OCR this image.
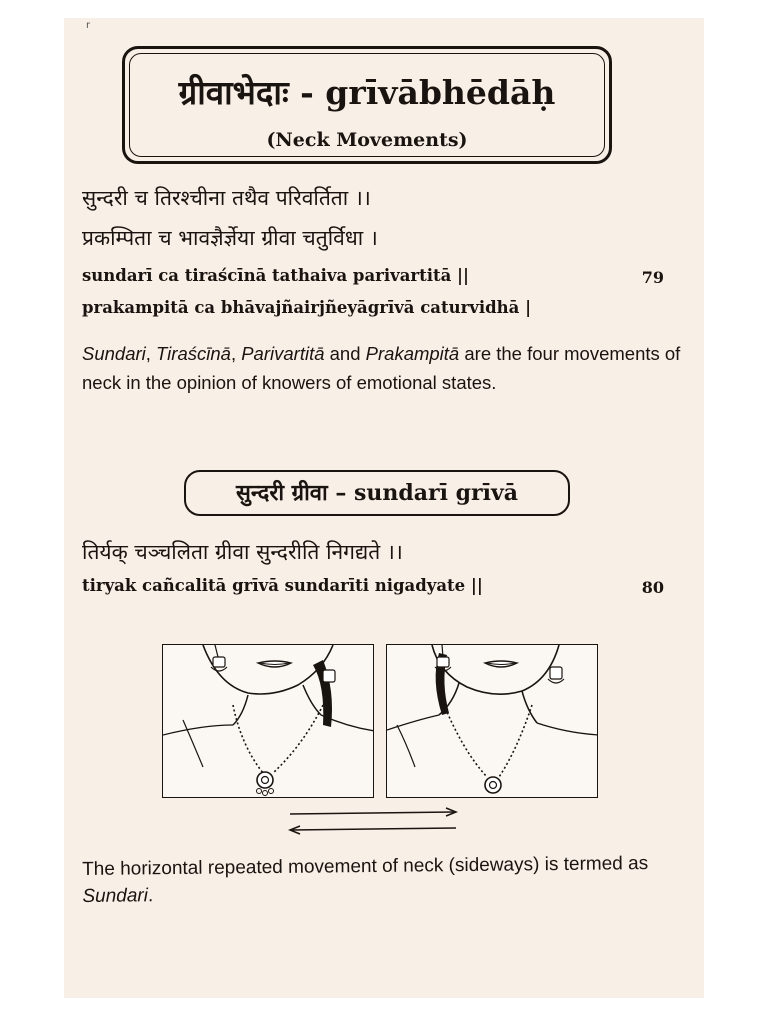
r
ग्रीवाभेदाः - grīvābhēdāḥ
(Neck Movements)
सुन्दरी च तिरश्चीना तथैव परिवर्तिता ।।
प्रकम्पिता च भावज्ञैर्ज्ञेया ग्रीवा चतुर्विधा ।
sundarī ca tiraścīnā tathaiva parivartitā ||	79
prakampitā ca bhāvajñairjñeyāgrīvā caturvidhā |
Sundari, Tiraścīnā, Parivartitā and Prakampitā are the four movements of neck in the opinion of knowers of emotional states.
सुन्दरी ग्रीवा – sundarī grīvā
तिर्यक् चञ्चलिता ग्रीवा सुन्दरीति निगद्यते ।।
tiryak cañcalitā grīvā sundarīti nigadyate ||	80
The horizontal repeated movement of neck (sideways) is termed as Sundari.
